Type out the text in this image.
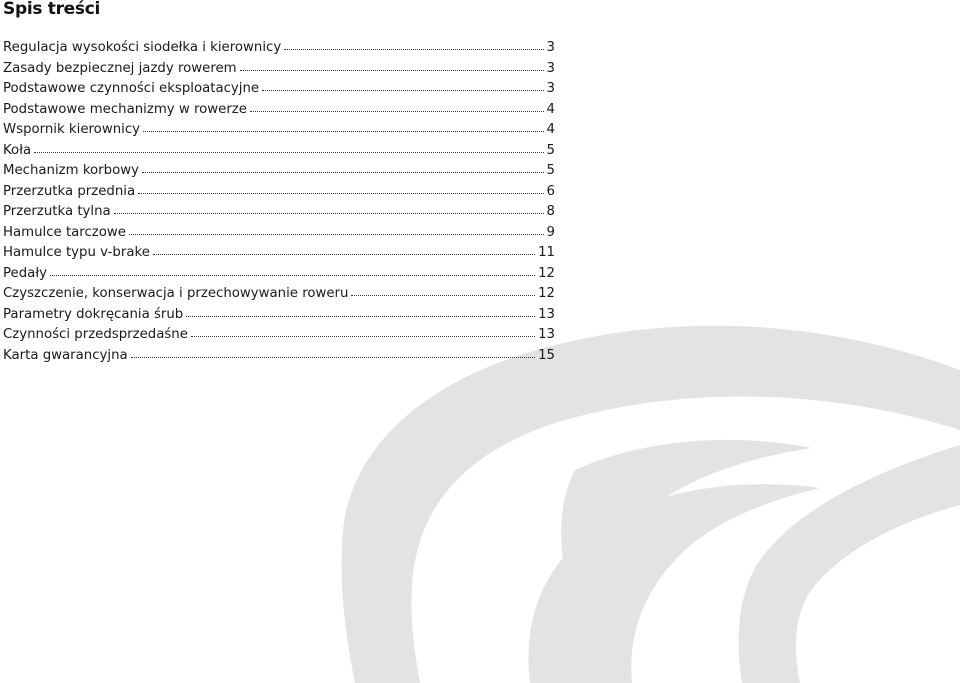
Spis treści
Regulacja wysokości siodełka i kierownicy	3
Zasady bezpiecznej jazdy rowerem	3
Podstawowe czynności eksploatacyjne	3
Podstawowe mechanizmy w rowerze	4
Wspornik kierownicy	4
Koła	5
Mechanizm korbowy	5
Przerzutka przednia	6
Przerzutka tylna	8
Hamulce tarczowe	9
Hamulce typu v-brake	11
Pedały	12
Czyszczenie, konserwacja i przechowywanie roweru	12
Parametry dokręcania śrub	13
Czynności przedsprzedaśne	13
Karta gwarancyjna	15
